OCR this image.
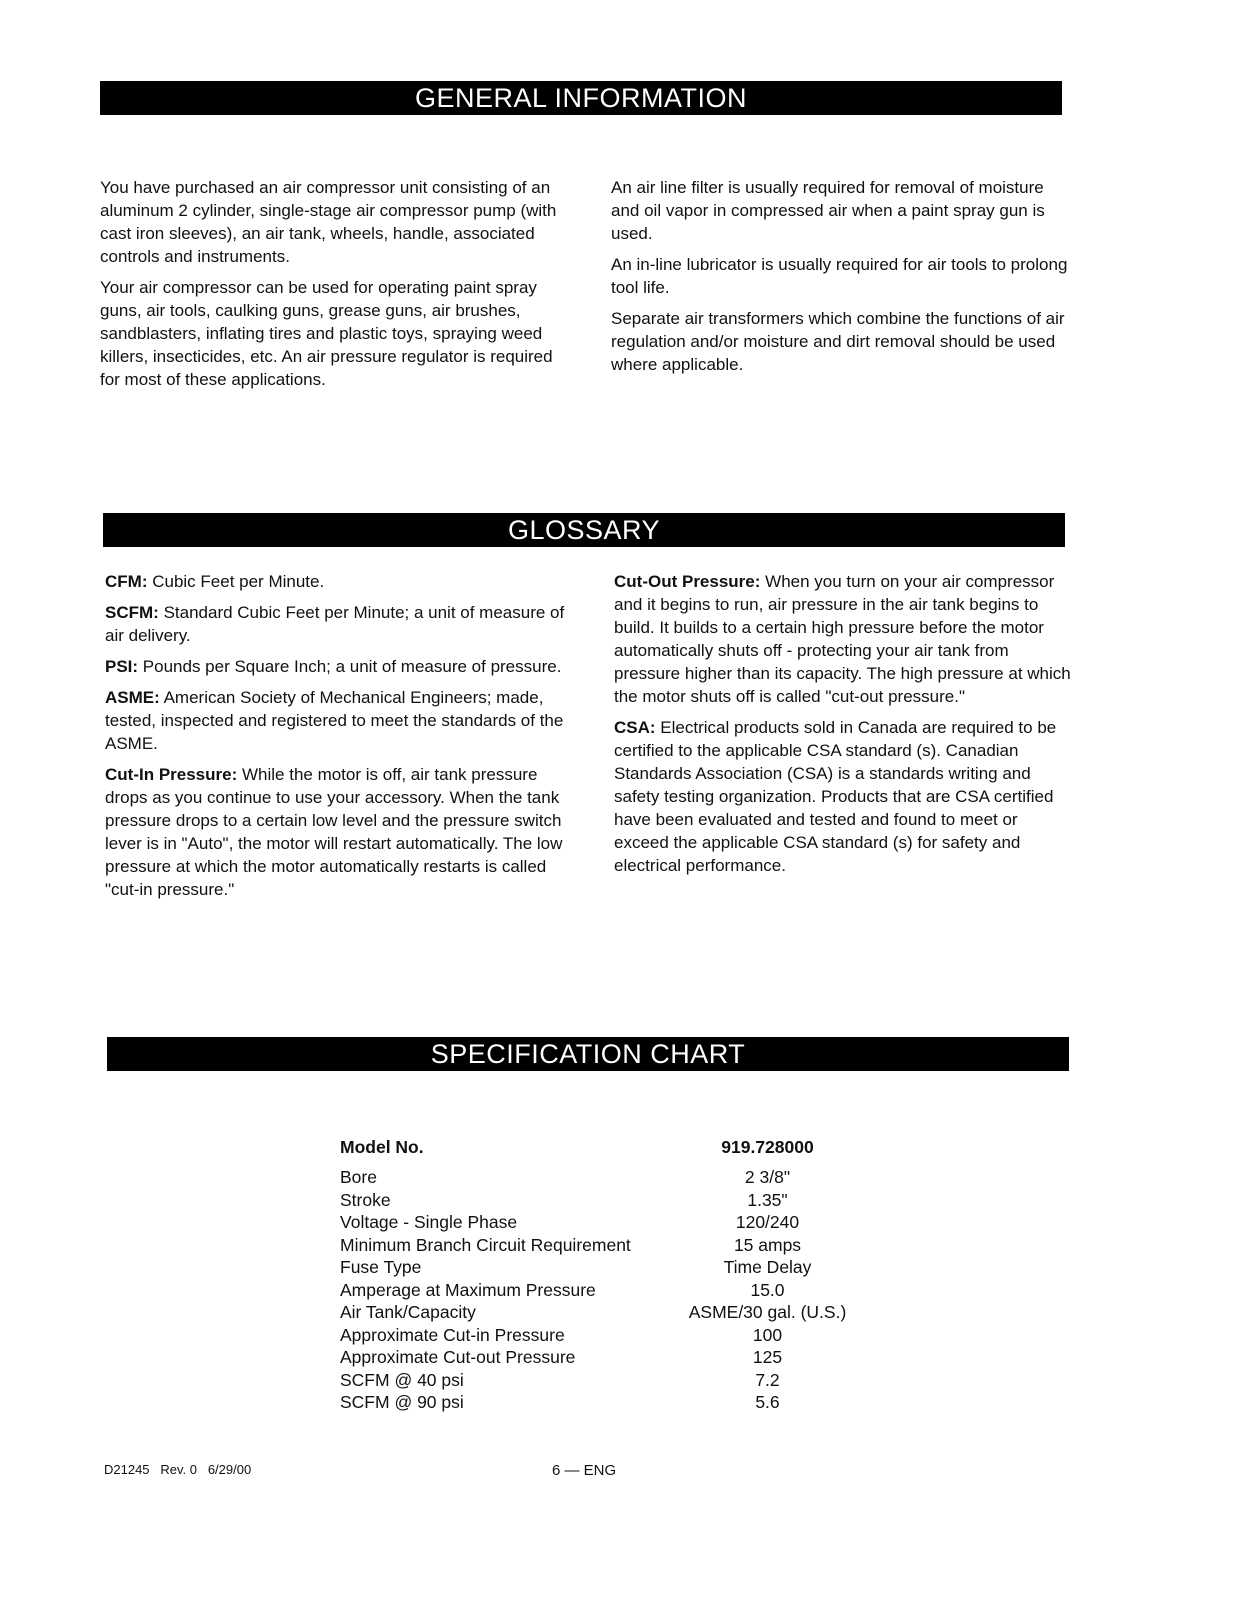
GENERAL INFORMATION

You have purchased an air compressor unit consisting of an aluminum 2 cylinder, single-stage air compressor pump (with cast iron sleeves), an air tank, wheels, handle, associated controls and instruments.

Your air compressor can be used for operating paint spray guns, air tools, caulking guns, grease guns, air brushes, sandblasters, inflating tires and plastic toys, spraying weed killers, insecticides, etc. An air pressure regulator is required for most of these applications.

An air line filter is usually required for removal of moisture and oil vapor in compressed air when a paint spray gun is used.

An in-line lubricator is usually required for air tools to prolong tool life.

Separate air transformers which combine the functions of air regulation and/or moisture and dirt removal should be used where applicable.

GLOSSARY

CFM: Cubic Feet per Minute.

SCFM: Standard Cubic Feet per Minute; a unit of measure of air delivery.

PSI: Pounds per Square Inch; a unit of measure of pressure.

ASME: American Society of Mechanical Engineers; made, tested, inspected and registered to meet the standards of the ASME.

Cut-In Pressure: While the motor is off, air tank pressure drops as you continue to use your accessory. When the tank pressure drops to a certain low level and the pressure switch lever is in "Auto", the motor will restart automatically. The low pressure at which the motor automatically restarts is called "cut-in pressure."

Cut-Out Pressure: When you turn on your air compressor and it begins to run, air pressure in the air tank begins to build. It builds to a certain high pressure before the motor automatically shuts off - protecting your air tank from pressure higher than its capacity. The high pressure at which the motor shuts off is called "cut-out pressure."

CSA: Electrical products sold in Canada are required to be certified to the applicable CSA standard (s). Canadian Standards Association (CSA) is a standards writing and safety testing organization. Products that are CSA certified have been evaluated and tested and found to meet or exceed the applicable CSA standard (s) for safety and electrical performance.

SPECIFICATION CHART
Model No.	919.728000
Bore	2 3/8"
Stroke	1.35"
Voltage - Single Phase	120/240
Minimum Branch Circuit Requirement	15 amps
Fuse Type	Time Delay
Amperage at Maximum Pressure	15.0
Air Tank/Capacity	ASME/30 gal. (U.S.)
Approximate Cut-in Pressure	100
Approximate Cut-out Pressure	125
SCFM @ 40 psi	7.2
SCFM @ 90 psi	5.6
D21245   Rev. 0   6/29/00	6 — ENG
